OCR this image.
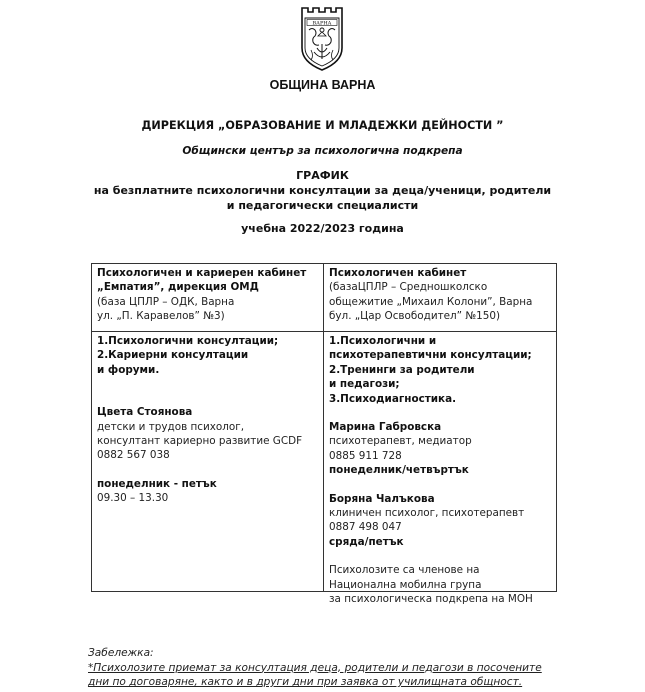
ВАРНА
ОБЩИНА ВАРНА
ДИРЕКЦИЯ „ОБРАЗОВАНИЕ И МЛАДЕЖКИ ДЕЙНОСТИ ”
Общински център за психологична подкрепа
ГРАФИК
на безплатните психологични консултации за деца/ученици, родители
и педагогически специалисти
учебна 2022/2023 година
Психологичен и кариерен кабинет
„Емпатия”, дирекция ОМД
(база ЦПЛР – ОДК, Варна
ул. „П. Каравелов” №3)
Психологичен кабинет
(базаЦПЛР – Средношколско
общежитие „Михаил Колони”, Варна
бул. „Цар Освободител” №150)
1.Психологични консултации;
2.Кариерни консултации
и форуми.
Цвета Стоянова
детски и трудов психолог,
консултант кариерно развитие GCDF
0882 567 038
понеделник - петък
09.30 – 13.30
1.Психологични и
психотерапевтични консултации;
2.Тренинги за родители
и педагози;
3.Психодиагностика.
Марина Габровска
психотерапевт, медиатор
0885 911 728
понеделник/четвъртък
Боряна Чалъкова
клиничен психолог, психотерапевт
0887 498 047
сряда/петък
Психолозите са членове на
Национална мобилна група
за психологическа подкрепа на МОН
Забележка:
*Психолозите приемат за консултация деца, родители и педагози в посочените
дни по договаряне, както и в други дни при заявка от училищната общност.
